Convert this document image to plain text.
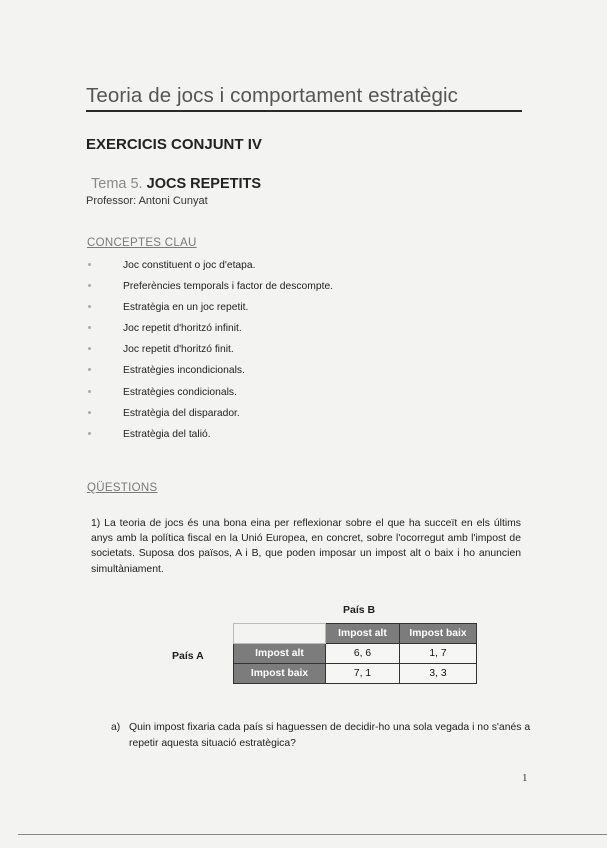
Teoria de jocs i comportament estratègic
EXERCICIS CONJUNT IV
Tema 5. JOCS REPETITS
Professor: Antoni Cunyat
CONCEPTES CLAU
Joc constituent o joc d'etapa.
Preferències temporals i factor de descompte.
Estratègia en un joc repetit.
Joc repetit d'horitzó infinit.
Joc repetit d'horitzó finit.
Estratègies incondicionals.
Estratègies condicionals.
Estratègia del disparador.
Estratègia del talió.
QÜESTIONS
1) La teoria de jocs és una bona eina per reflexionar sobre el que ha succeït en els últims anys amb la política fiscal en la Unió Europea, en concret, sobre l'ocorregut amb l'impost de societats. Suposa dos països, A i B, que poden imposar un impost alt o baix i ho anuncien simultàniament.
País B
País A
	Impost alt	Impost baix
Impost alt	6, 6	1, 7
Impost baix	7, 1	3, 3
a) Quin impost fixaria cada país si haguessen de decidir-ho una sola vegada i no s'anés a repetir aquesta situació estratègica?
1
